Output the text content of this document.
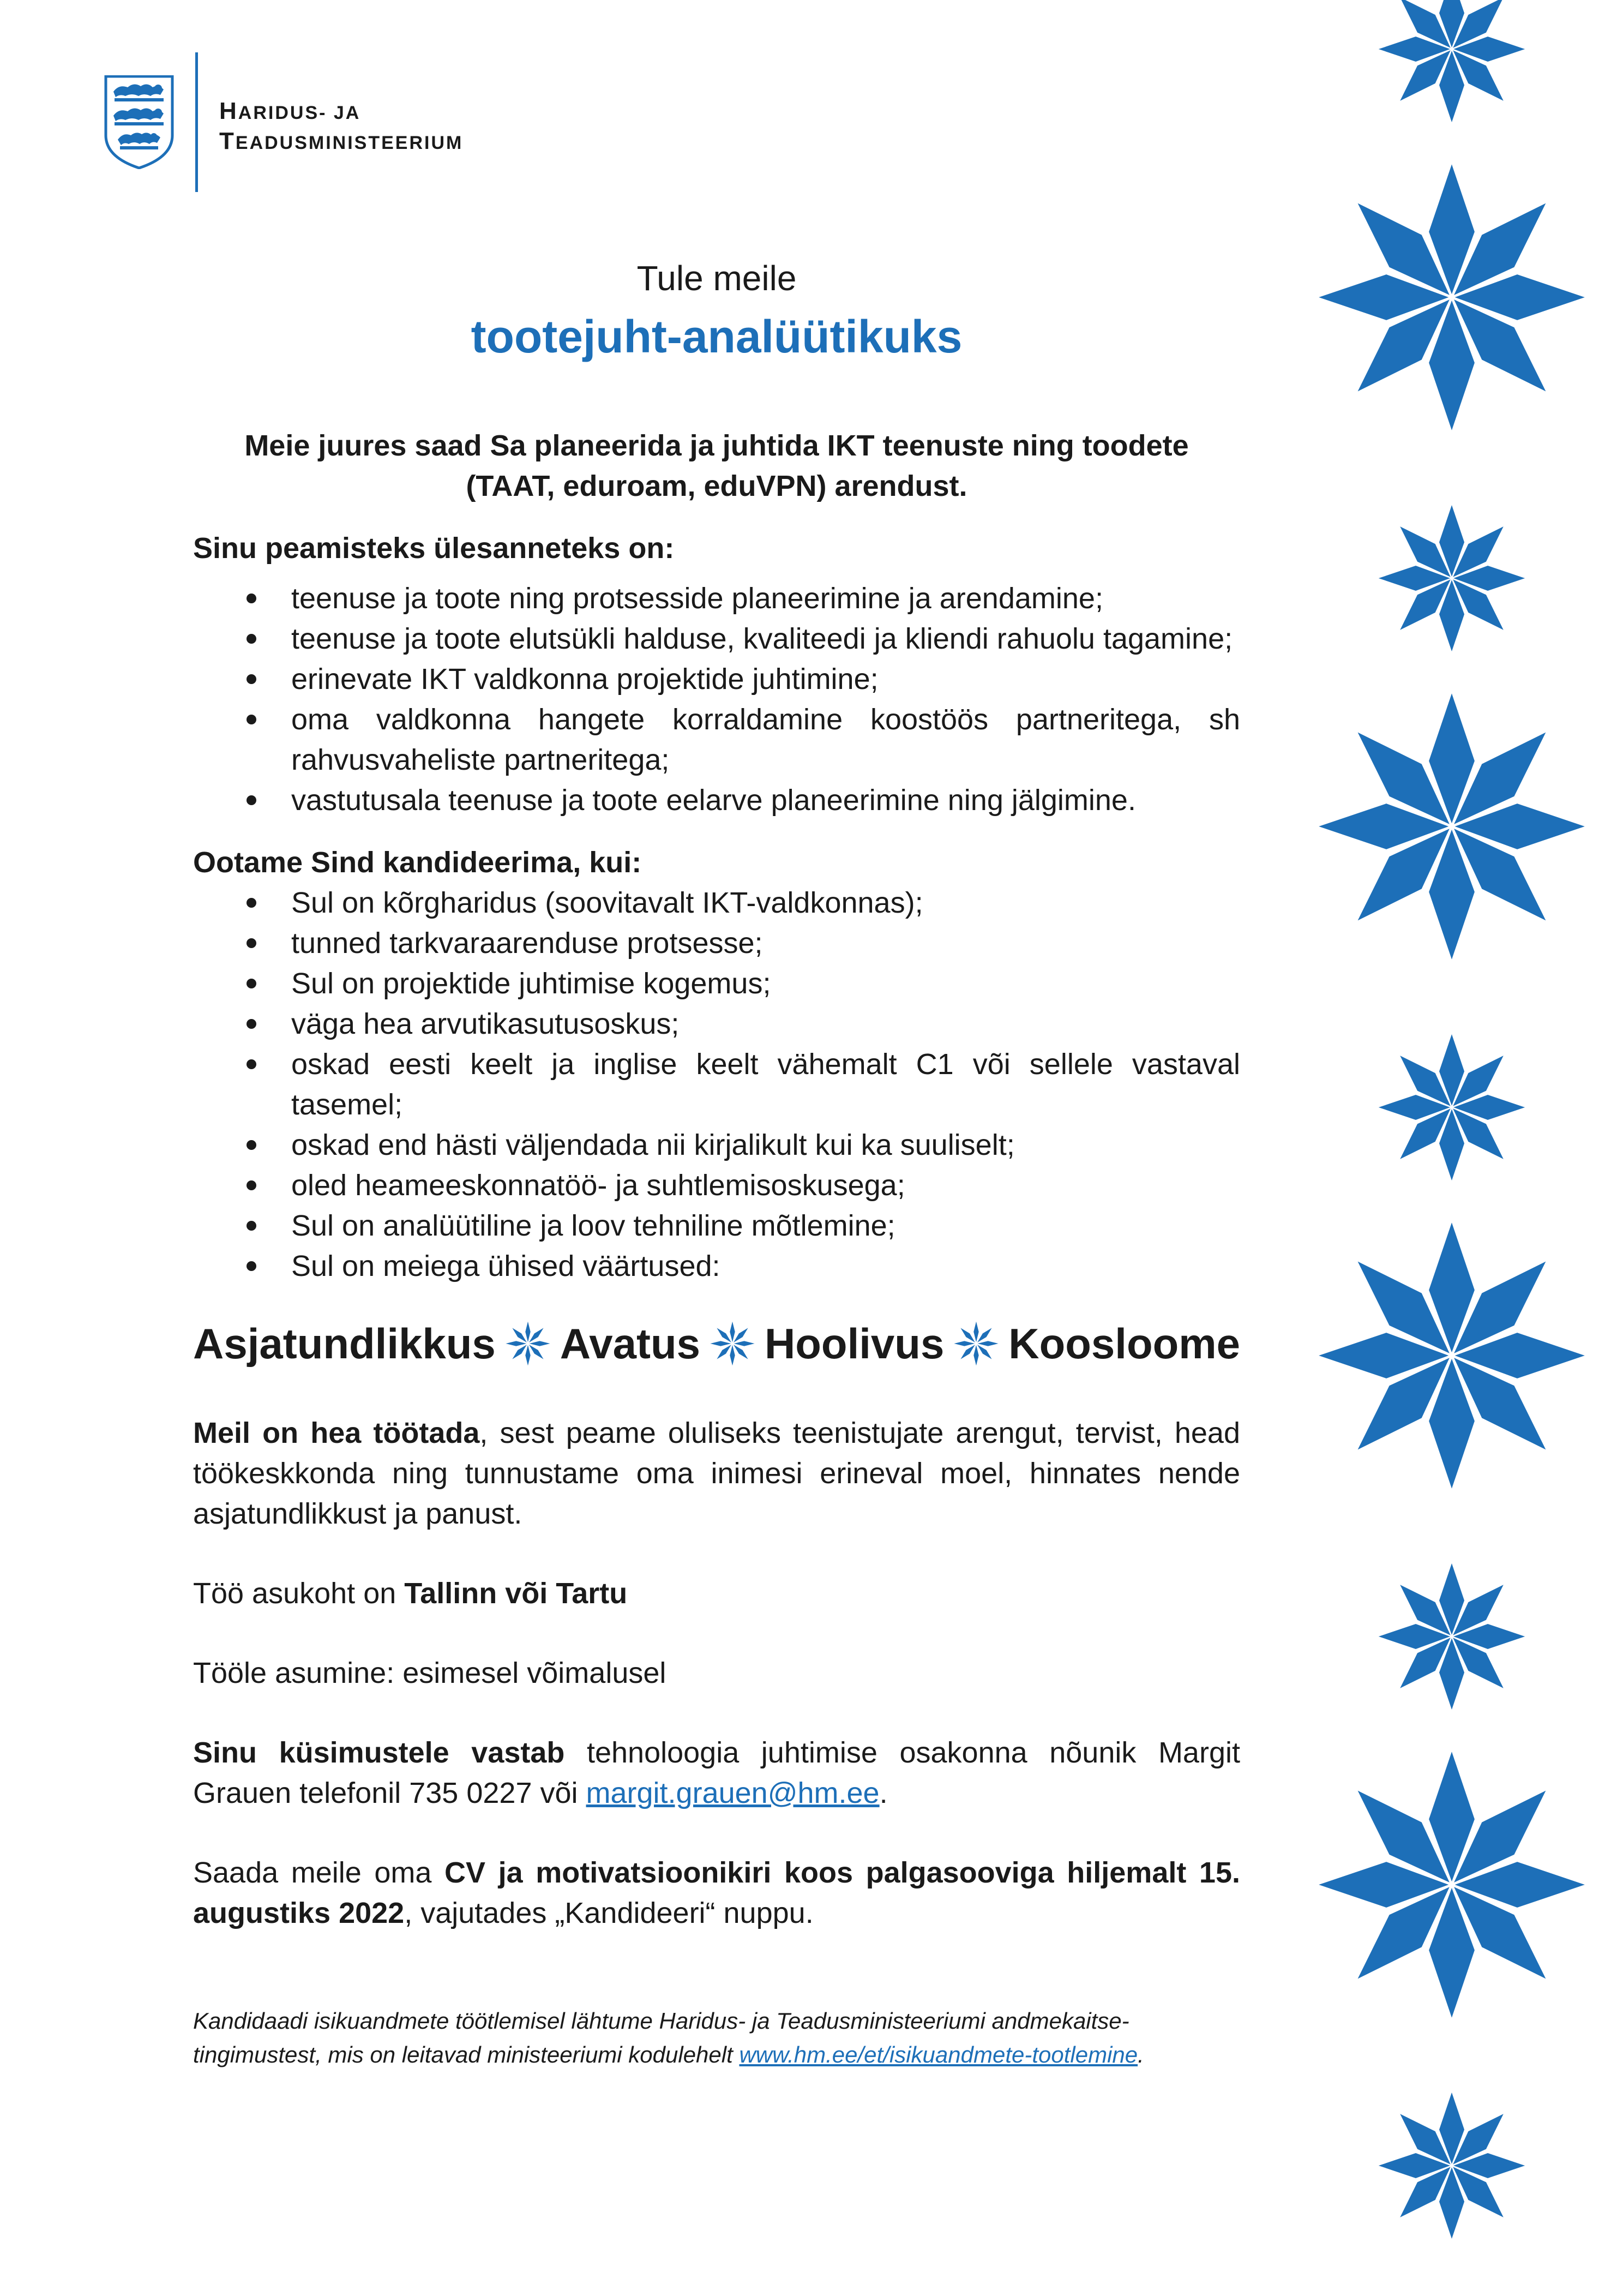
HARIDUS- JA
TEADUSMINISTEERIUM
Tule meile
tootejuht-analüütikuks
Meie juures saad Sa planeerida ja juhtida IKT teenuste ning toodete (TAAT, eduroam, eduVPN) arendust.
Sinu peamisteks ülesanneteks on:
teenuse ja toote ning protsesside planeerimine ja arendamine;
teenuse ja toote elutsükli halduse, kvaliteedi ja kliendi rahuolu tagamine;
erinevate IKT valdkonna projektide juhtimine;
oma valdkonna hangete korraldamine koostöös partneritega, sh rahvusvaheliste partneritega;
vastutusala teenuse ja toote eelarve planeerimine ning jälgimine.
Ootame Sind kandideerima, kui:
Sul on kõrgharidus (soovitavalt IKT-valdkonnas);
tunned tarkvaraarenduse protsesse;
Sul on projektide juhtimise kogemus;
väga hea arvutikasutusoskus;
oskad eesti keelt ja inglise keelt vähemalt C1 või sellele vastaval tasemel;
oskad end hästi väljendada nii kirjalikult kui ka suuliselt;
oled heameeskonnatöö- ja suhtlemisoskusega;
Sul on analüütiline ja loov tehniline mõtlemine;
Sul on meiega ühised väärtused:
Asjatundlikkus Avatus Hoolivus Koosloome

Meil on hea töötada, sest peame oluliseks teenistujate arengut, tervist, head töökeskkonda ning tunnustame oma inimesi erineval moel, hinnates nende asjatundlikkust ja panust.

Töö asukoht on Tallinn või Tartu

Tööle asumine: esimesel võimalusel

Sinu küsimustele vastab tehnoloogia juhtimise osakonna nõunik Margit Grauen telefonil 735 0227 või margit.grauen@hm.ee.

Saada meile oma CV ja motivatsioonikiri koos palgasooviga hiljemalt 15. augustiks 2022, vajutades „Kandideeri“ nuppu.

Kandidaadi isikuandmete töötlemisel lähtume Haridus- ja Teadusministeeriumi andmekaitse-tingimustest, mis on leitavad ministeeriumi kodulehelt www.hm.ee/et/isikuandmete-tootlemine.
